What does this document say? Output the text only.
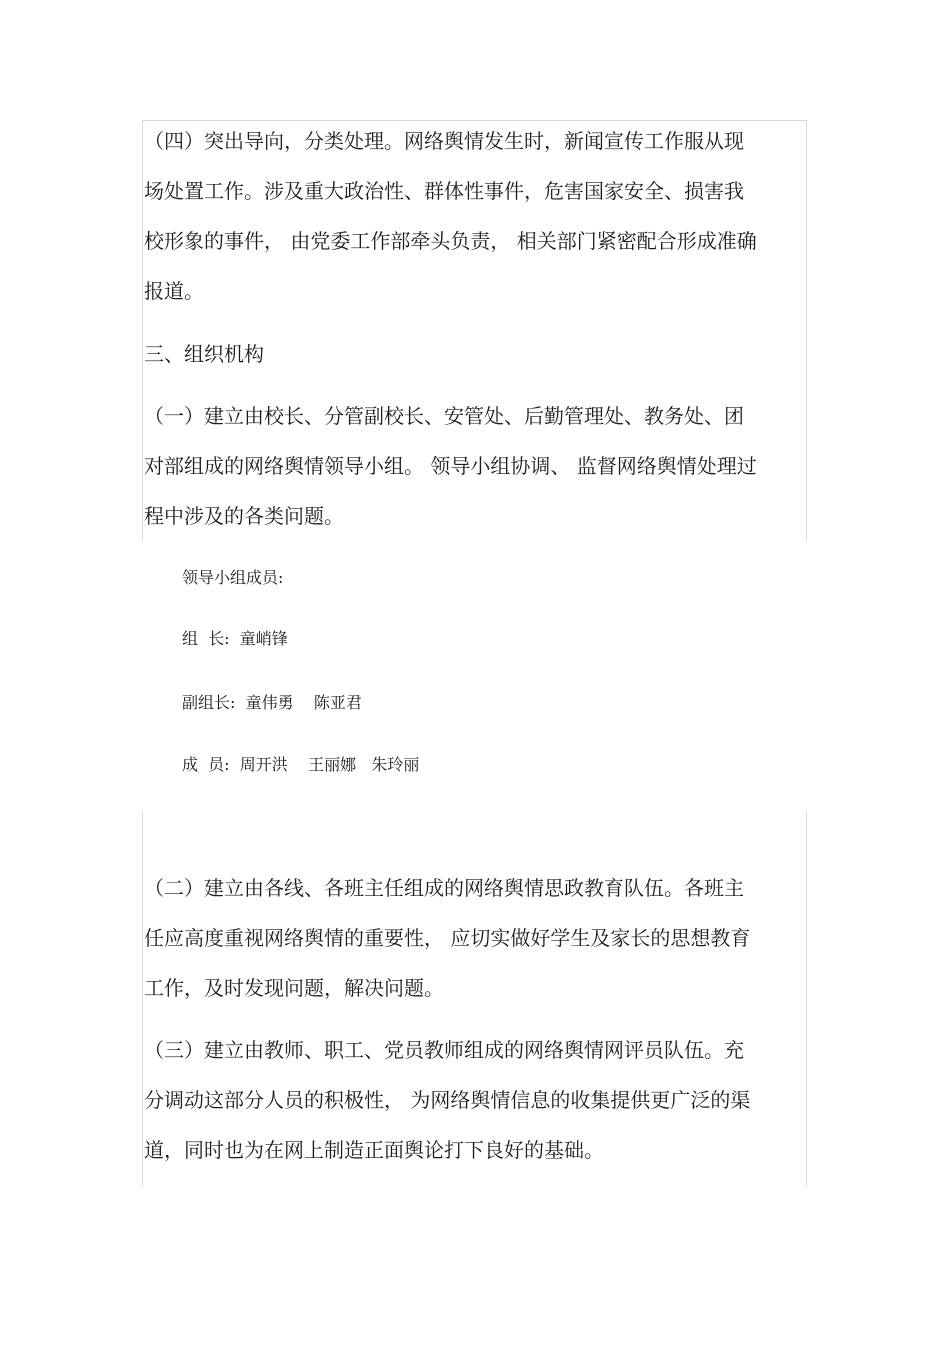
（四）突出导向，分类处理。网络舆情发生时，新闻宣传工作服从现
场处置工作。涉及重大政治性、群体性事件，危害国家安全、损害我
校形象的事件， 由党委工作部牵头负责， 相关部门紧密配合形成准确
报道。

三、组织机构

（一）建立由校长、分管副校长、安管处、后勤管理处、教务处、团
对部组成的网络舆情领导小组。 领导小组协调、 监督网络舆情处理过
程中涉及的各类问题。

领导小组成员:

组  长:  童峭锋

副组长:  童伟勇    陈亚君

成  员:  周开洪    王丽娜   朱玲丽

（二）建立由各线、各班主任组成的网络舆情思政教育队伍。各班主
任应高度重视网络舆情的重要性， 应切实做好学生及家长的思想教育
工作，及时发现问题，解决问题。

（三）建立由教师、职工、党员教师组成的网络舆情网评员队伍。充
分调动这部分人员的积极性， 为网络舆情信息的收集提供更广泛的渠
道，同时也为在网上制造正面舆论打下良好的基础。
